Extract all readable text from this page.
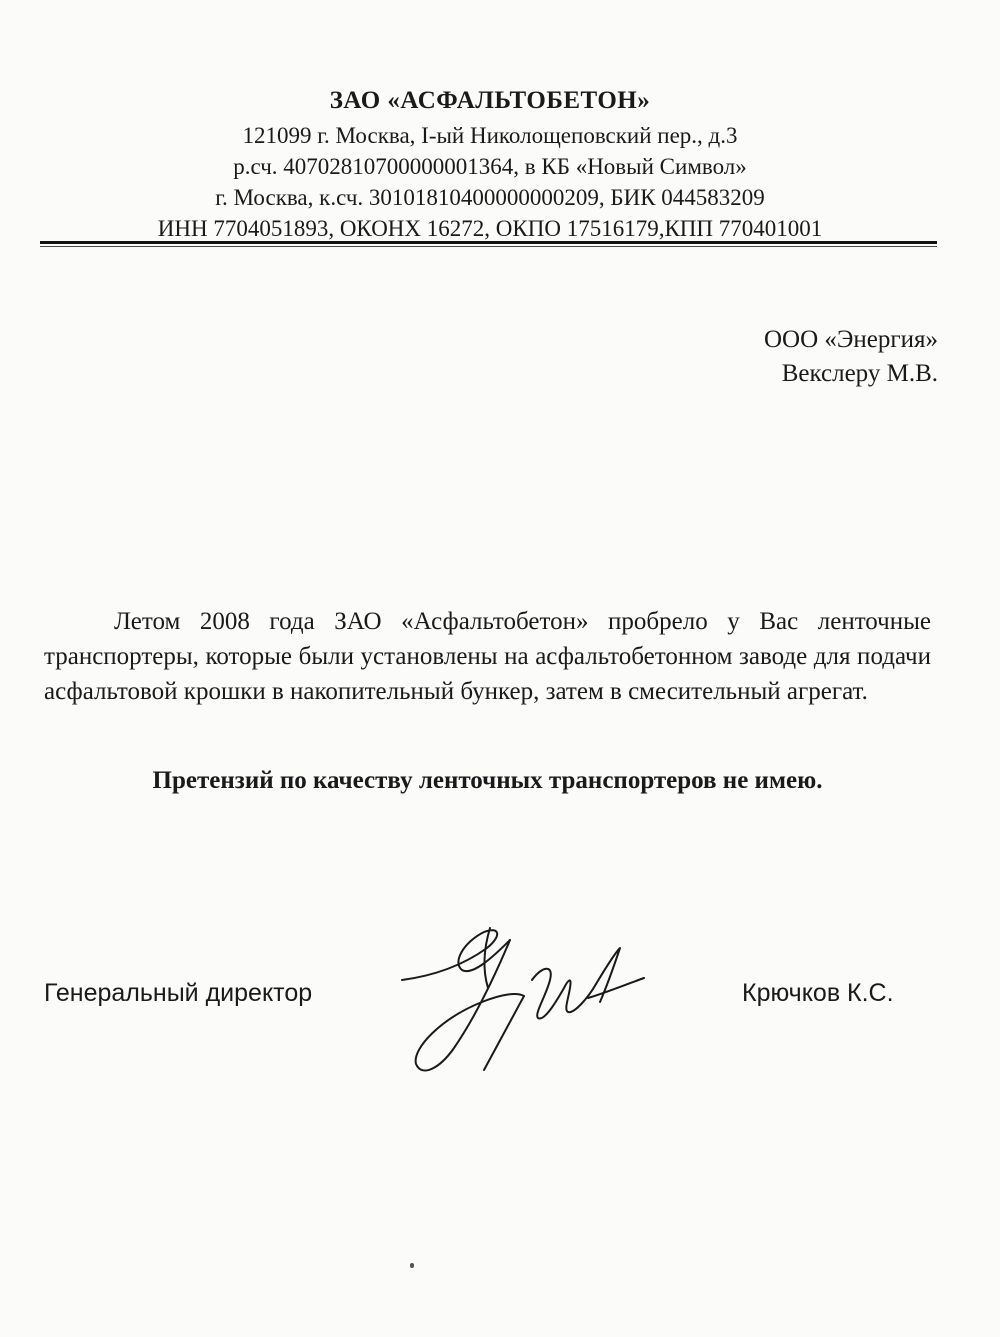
ЗАО «АСФАЛЬТОБЕТОН»

121099 г. Москва, I-ый Николощеповский пер., д.3

р.сч. 40702810700000001364, в КБ «Новый Символ»

г. Москва, к.сч. 30101810400000000209, БИК 044583209

ИНН 7704051893, ОКОНХ 16272, ОКПО 17516179,КПП 770401001

ООО «Энергия»
Векслеру М.В.

Летом 2008 года ЗАО «Асфальтобетон» пробрело у Вас ленточные транспортеры, которые были установлены на асфальтобетонном заводе для подачи асфальтовой крошки в накопительный бункер, затем в смесительный агрегат.

Претензий по качеству ленточных транспортеров не имею.

Генеральный директор	Крючков К.С.
